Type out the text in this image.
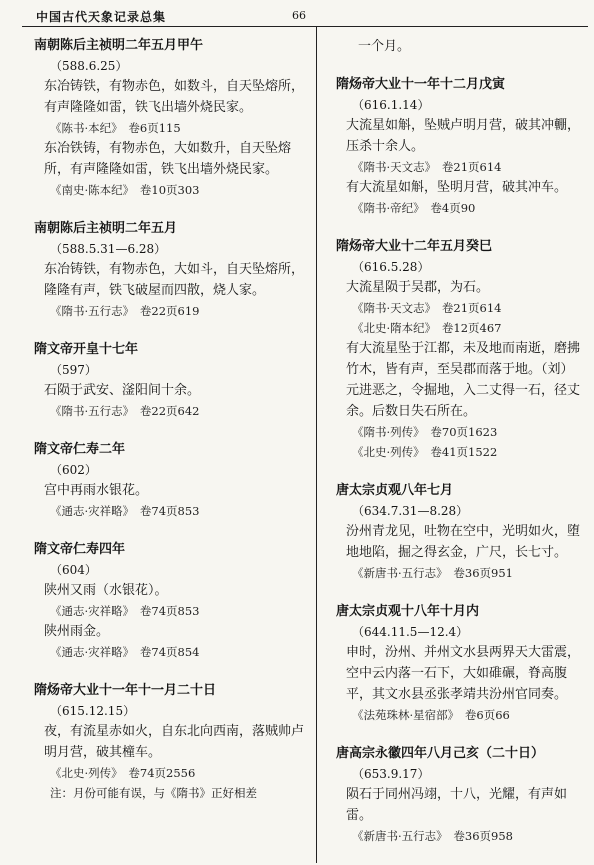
中国古代天象记录总集	66
南朝陈后主祯明二年五月甲午
（588.6.25）
东冶铸铁，有物赤色，如数斗，自天坠熔所，有声隆隆如雷，铁飞出墙外烧民家。
《陈书·本纪》　卷6页115
东冶铁铸，有物赤色，大如数升，自天坠熔所，有声隆隆如雷，铁飞出墙外烧民家。
《南史·陈本纪》　卷10页303
南朝陈后主祯明二年五月
（588.5.31—6.28）
东冶铸铁，有物赤色，大如斗，自天坠熔所，隆隆有声，铁飞破屋而四散，烧人家。
《隋书·五行志》　卷22页619
隋文帝开皇十七年
（597）
石陨于武安、滏阳间十余。
《隋书·五行志》　卷22页642
隋文帝仁寿二年
（602）
宫中再雨水银花。
《通志·灾祥略》　卷74页853
隋文帝仁寿四年
（604）
陕州又雨（水银花）。
《通志·灾祥略》　卷74页853
陕州雨金。
《通志·灾祥略》　卷74页854
隋炀帝大业十一年十一月二十日
（615.12.15）
夜，有流星赤如火，自东北向西南，落贼帅卢明月营，破其橦车。
《北史·列传》　卷74页2556
注：月份可能有误，与《隋书》正好相差
一个月。
隋炀帝大业十一年十二月戊寅
（616.1.14）
大流星如斛，坠贼卢明月营，破其冲輣，压杀十余人。
《隋书·天文志》　卷21页614
有大流星如斛，坠明月营，破其冲车。
《隋书·帝纪》　卷4页90
隋炀帝大业十二年五月癸巳
（616.5.28）
大流星陨于吴郡，为石。
《隋书·天文志》　卷21页614
《北史·隋本纪》　卷12页467
有大流星坠于江都，未及地而南逝，磨拂竹木，皆有声，至吴郡而落于地。（刘）元进恶之，令掘地，入二丈得一石，径丈余。后数日失石所在。
《隋书·列传》　卷70页1623
《北史·列传》　卷41页1522
唐太宗贞观八年七月
（634.7.31—8.28）
汾州青龙见，吐物在空中，光明如火，堕地地陷，掘之得玄金，广尺，长七寸。
《新唐书·五行志》　卷36页951
唐太宗贞观十八年十月内
（644.11.5—12.4）
申时，汾州、并州文水县两界天大雷震，空中云内落一石下，大如碓碾，脊高腹平，其文水县丞张孝靖共汾州官同奏。
《法苑珠林·星宿部》　卷6页66
唐高宗永徽四年八月己亥（二十日）
（653.9.17）
陨石于同州冯翊，十八，光耀，有声如雷。
《新唐书·五行志》　卷36页958
